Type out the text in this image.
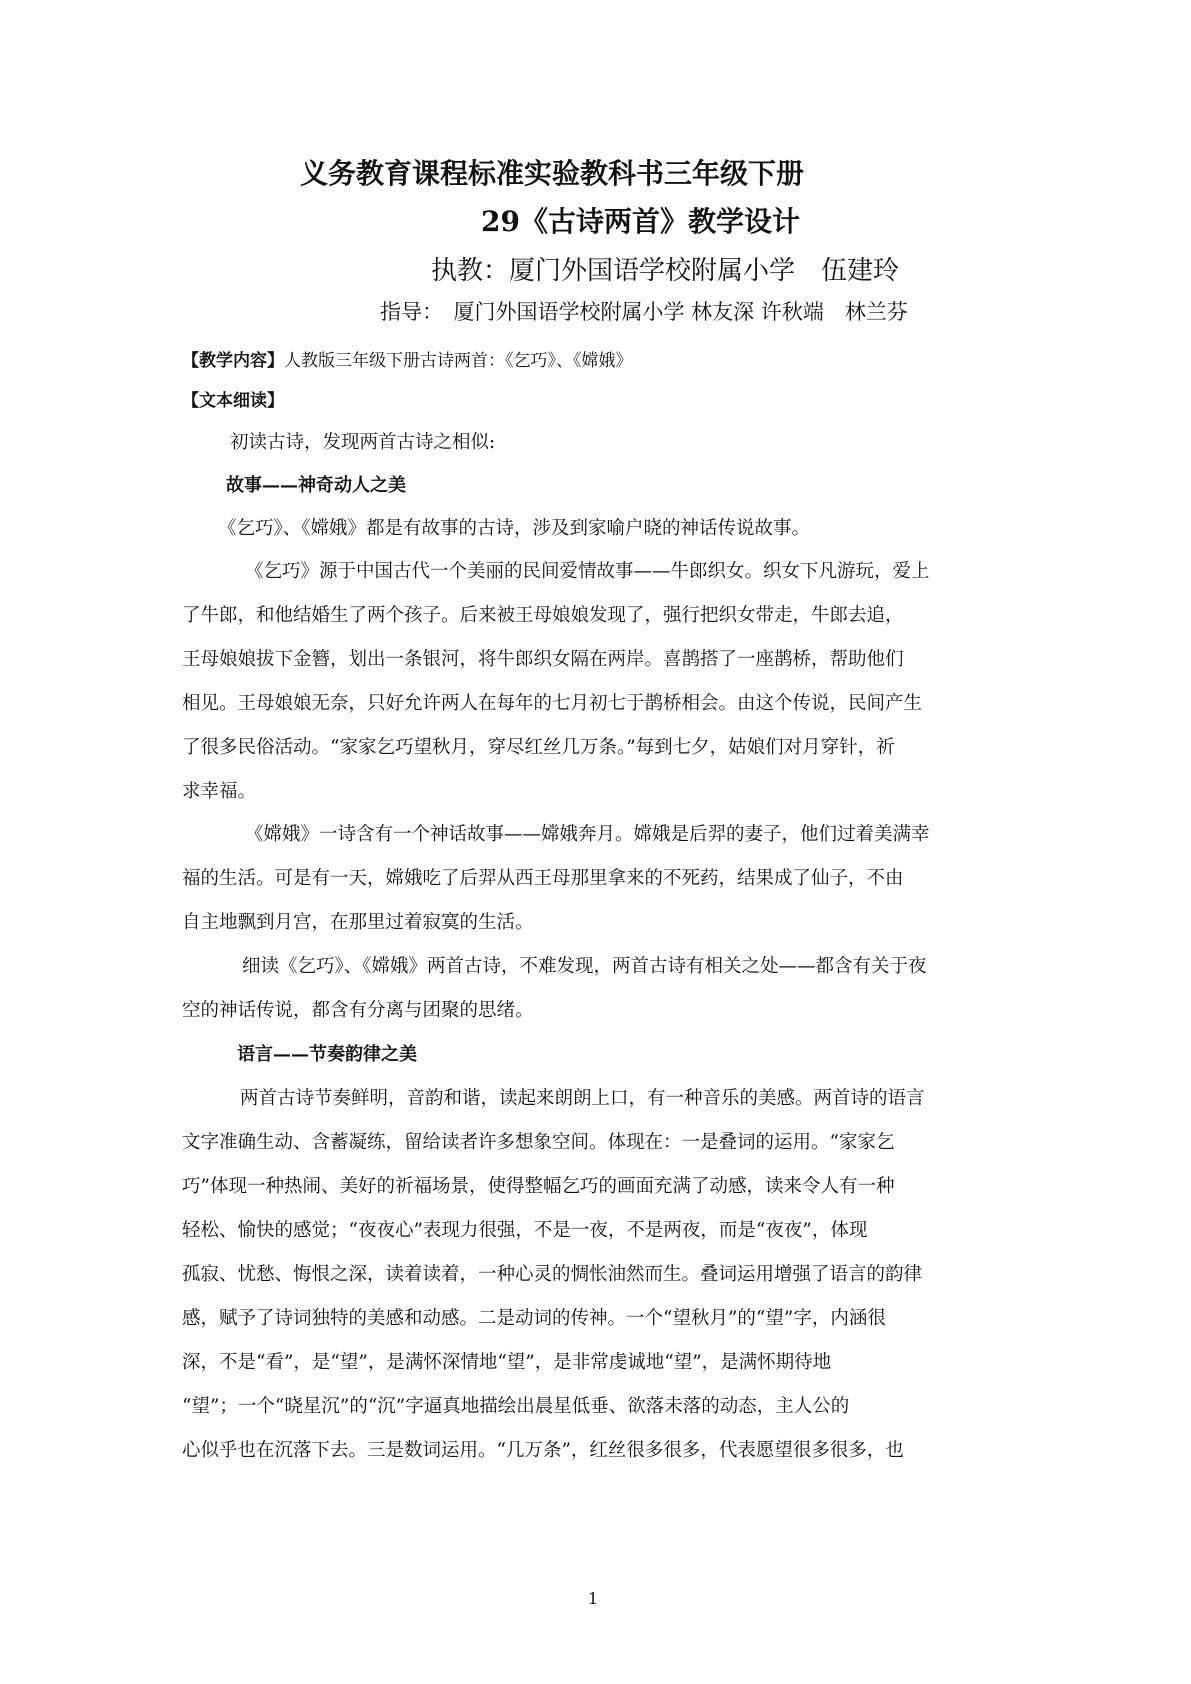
义务教育课程标准实验教科书三年级下册
29《古诗两首》教学设计
执教：厦门外国语学校附属小学　伍建玲
指导：　厦门外国语学校附属小学 林友深 许秋端　林兰芬
【教学内容】人教版三年级下册古诗两首：《乞巧》、《嫦娥》
【文本细读】
初读古诗，发现两首古诗之相似:
故事——神奇动人之美
《乞巧》、《嫦娥》都是有故事的古诗，涉及到家喻户晓的神话传说故事。
《乞巧》源于中国古代一个美丽的民间爱情故事——牛郎织女。织女下凡游玩，爱上
了牛郎，和他结婚生了两个孩子。后来被王母娘娘发现了，强行把织女带走，牛郎去追，
王母娘娘拔下金簪，划出一条银河，将牛郎织女隔在两岸。喜鹊搭了一座鹊桥，帮助他们
相见。王母娘娘无奈，只好允许两人在每年的七月初七于鹊桥相会。由这个传说，民间产生
了很多民俗活动。“家家乞巧望秋月，穿尽红丝几万条。”每到七夕，姑娘们对月穿针，祈
求幸福。
《嫦娥》一诗含有一个神话故事——嫦娥奔月。嫦娥是后羿的妻子，他们过着美满幸
福的生活。可是有一天，嫦娥吃了后羿从西王母那里拿来的不死药，结果成了仙子，不由
自主地飘到月宫，在那里过着寂寞的生活。
细读《乞巧》、《嫦娥》两首古诗，不难发现，两首古诗有相关之处——都含有关于夜
空的神话传说，都含有分离与团聚的思绪。
语言——节奏韵律之美
两首古诗节奏鲜明，音韵和谐，读起来朗朗上口，有一种音乐的美感。两首诗的语言
文字准确生动、含蓄凝练，留给读者许多想象空间。体现在：一是叠词的运用。“家家乞
巧”体现一种热闹、美好的祈福场景，使得整幅乞巧的画面充满了动感，读来令人有一种
轻松、愉快的感觉；“夜夜心”表现力很强，不是一夜，不是两夜，而是“夜夜”，体现
孤寂、忧愁、悔恨之深，读着读着，一种心灵的惆怅油然而生。叠词运用增强了语言的韵律
感，赋予了诗词独特的美感和动感。二是动词的传神。一个“望秋月”的“望”字，内涵很
深，不是“看”，是“望”，是满怀深情地“望”，是非常虔诚地“望”，是满怀期待地
“望”；一个“晓星沉”的“沉”字逼真地描绘出晨星低垂、欲落未落的动态，主人公的
心似乎也在沉落下去。三是数词运用。“几万条”，红丝很多很多，代表愿望很多很多，也
1
